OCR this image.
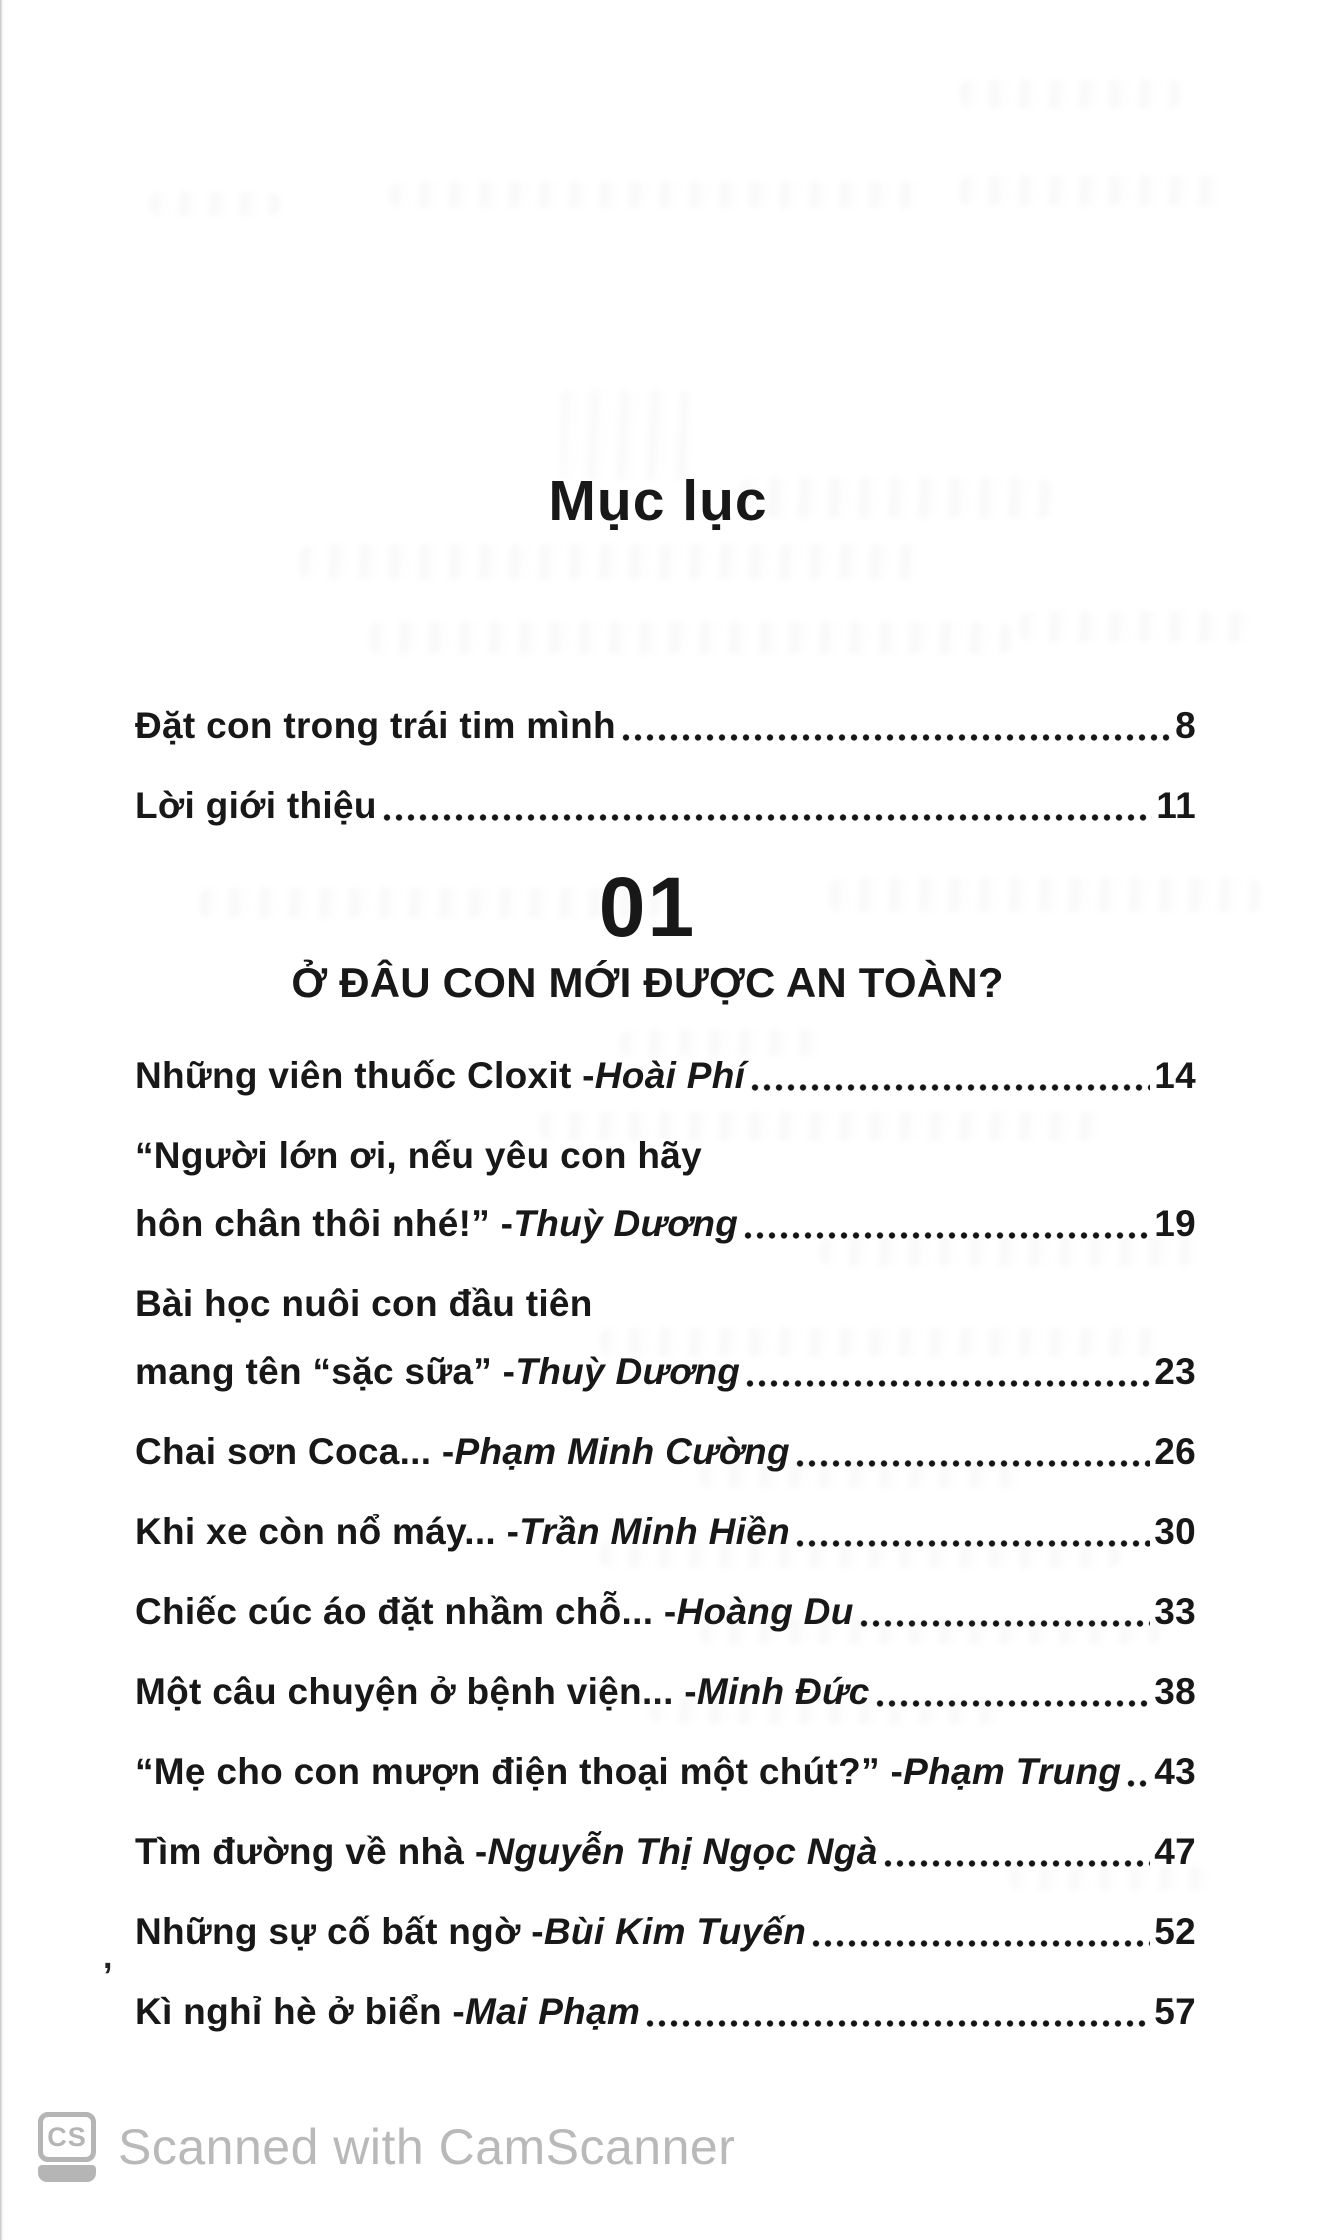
Mục lục
Đặt con trong trái tim mình	8
Lời giới thiệu	11
01
Ở ĐÂU CON MỚI ĐƯỢC AN TOÀN?
Những viên thuốc Cloxit - Hoài Phí	14
“Người lớn ơi, nếu yêu con hãy
hôn chân thôi nhé!” - Thuỳ Dương	19
Bài học nuôi con đầu tiên
mang tên “sặc sữa” - Thuỳ Dương	23
Chai sơn Coca... - Phạm Minh Cường	26
Khi xe còn nổ máy... - Trần Minh Hiền	30
Chiếc cúc áo đặt nhầm chỗ... - Hoàng Du	33
Một câu chuyện ở bệnh viện... - Minh Đức	38
“Mẹ cho con mượn điện thoại một chút?” - Phạm Trung 43
Tìm đường về nhà - Nguyễn Thị Ngọc Ngà	47
Những sự cố bất ngờ - Bùi Kim Tuyến	52
Kì nghỉ hè ở biển - Mai Phạm	57
,
CS Scanned with CamScanner
